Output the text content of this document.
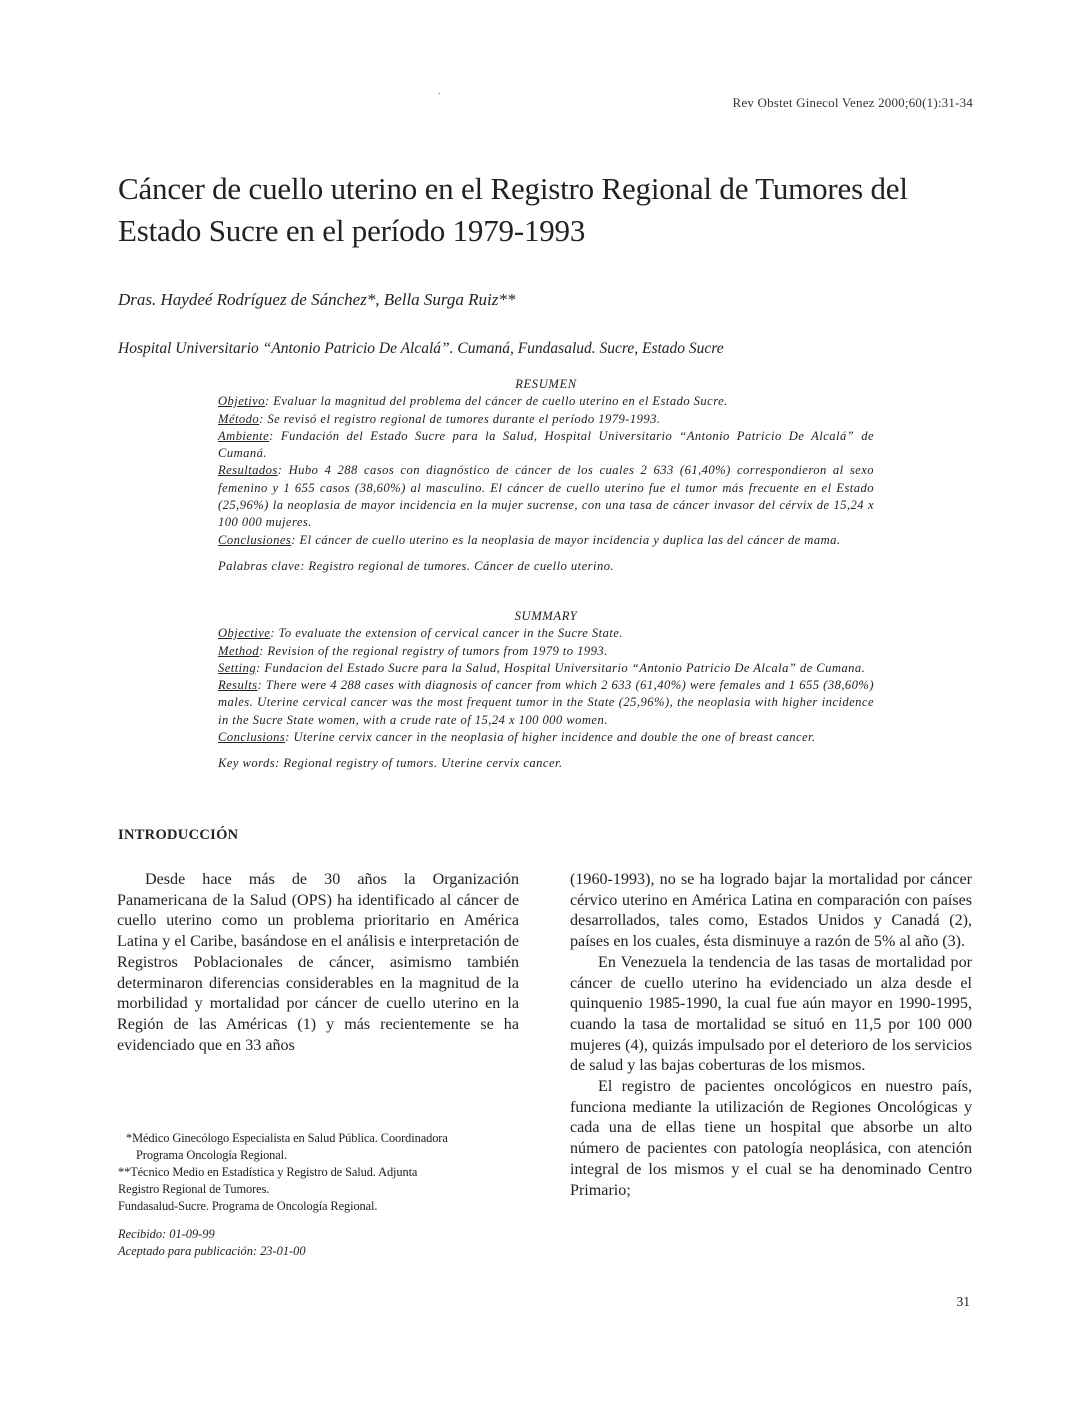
.
Rev Obstet Ginecol Venez 2000;60(1):31-34
Cáncer de cuello uterino en el Registro Regional de Tumores del Estado Sucre en el período 1979-1993
Dras. Haydeé Rodríguez de Sánchez*, Bella Surga Ruiz**
Hospital Universitario “Antonio Patricio De Alcalá”. Cumaná, Fundasalud. Sucre, Estado Sucre

RESUMEN

Objetivo: Evaluar la magnitud del problema del cáncer de cuello uterino en el Estado Sucre.

Método: Se revisó el registro regional de tumores durante el período 1979-1993.

Ambiente: Fundación del Estado Sucre para la Salud, Hospital Universitario “Antonio Patricio De Alcalá” de Cumaná.

Resultados: Hubo 4 288 casos con diagnóstico de cáncer de los cuales 2 633 (61,40%) correspondieron al sexo femenino y 1 655 casos (38,60%) al masculino. El cáncer de cuello uterino fue el tumor más frecuente en el Estado (25,96%) la neoplasia de mayor incidencia en la mujer sucrense, con una tasa de cáncer invasor del cérvix de 15,24 x 100 000 mujeres.

Conclusiones: El cáncer de cuello uterino es la neoplasia de mayor incidencia y duplica las del cáncer de mama.

Palabras clave: Registro regional de tumores. Cáncer de cuello uterino.

SUMMARY

Objective: To evaluate the extension of cervical cancer in the Sucre State.

Method: Revision of the regional registry of tumors from 1979 to 1993.

Setting: Fundacion del Estado Sucre para la Salud, Hospital Universitario “Antonio Patricio De Alcala” de Cumana.

Results: There were 4 288 cases with diagnosis of cancer from which 2 633 (61,40%) were females and 1 655 (38,60%) males. Uterine cervical cancer was the most frequent tumor in the State (25,96%), the neoplasia with higher incidence in the Sucre State women, with a crude rate of 15,24 x 100 000 women.

Conclusions: Uterine cervix cancer in the neoplasia of higher incidence and double the one of breast cancer.

Key words: Regional registry of tumors. Uterine cervix cancer.

INTRODUCCIÓN

Desde hace más de 30 años la Organización Panamericana de la Salud (OPS) ha identificado al cáncer de cuello uterino como un problema prioritario en América Latina y el Caribe, basándose en el análisis e interpretación de Registros Poblacionales de cáncer, asimismo también determinaron diferencias considerables en la magnitud de la morbilidad y mortalidad por cáncer de cuello uterino en la Región de las Américas (1) y más recientemente se ha evidenciado que en 33 años

(1960-1993), no se ha logrado bajar la mortalidad por cáncer cérvico uterino en América Latina en comparación con países desarrollados, tales como, Estados Unidos y Canadá (2), países en los cuales, ésta disminuye a razón de 5% al año (3).

En Venezuela la tendencia de las tasas de mortalidad por cáncer de cuello uterino ha evidenciado un alza desde el quinquenio 1985-1990, la cual fue aún mayor en 1990-1995, cuando la tasa de mortalidad se situó en 11,5 por 100 000 mujeres (4), quizás impulsado por el deterioro de los servicios de salud y las bajas coberturas de los mismos.

El registro de pacientes oncológicos en nuestro país, funciona mediante la utilización de Regiones Oncológicas y cada una de ellas tiene un hospital que absorbe un alto número de pacientes con patología neoplásica, con atención integral de los mismos y el cual se ha denominado Centro Primario;

*Médico Ginecólogo Especialista en Salud Pública. Coordinadora

Programa Oncología Regional.

**Técnico Medio en Estadística y Registro de Salud. Adjunta

Registro Regional de Tumores.

Fundasalud-Sucre. Programa de Oncología Regional.

Recibido: 01-09-99

Aceptado para publicación: 23-01-00

31
